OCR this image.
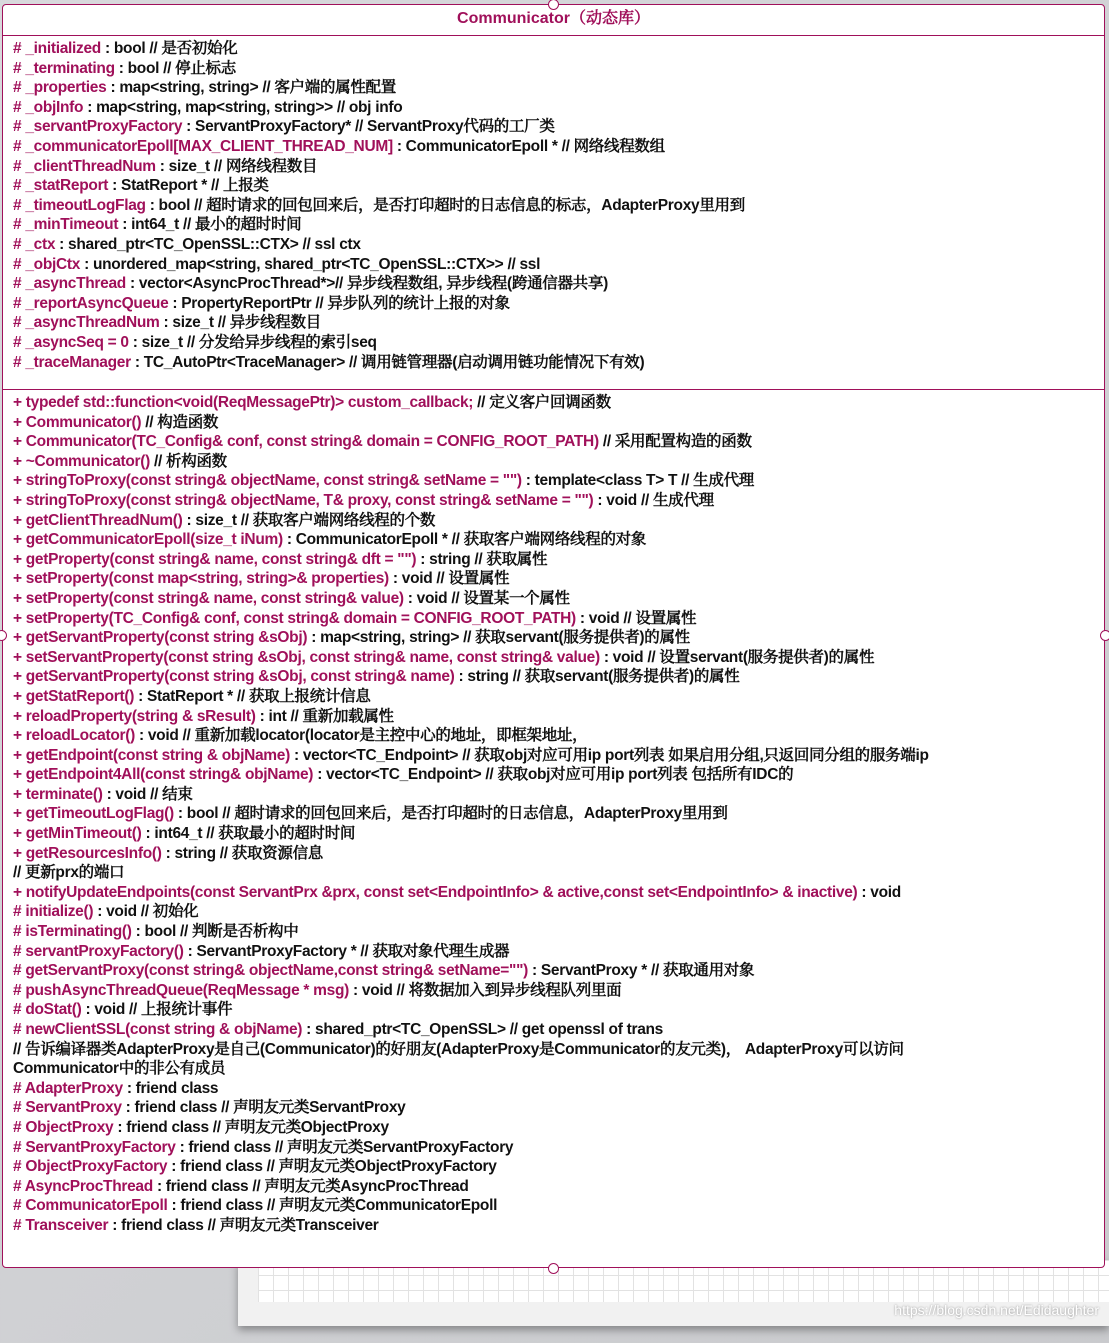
https://blog.csdn.net/Edidaughter
Communicator（动态库）
# _initialized : bool // 是否初始化
# _terminating : bool // 停止标志
# _properties : map<string, string> // 客户端的属性配置
# _objInfo : map<string, map<string, string>> // obj info
# _servantProxyFactory : ServantProxyFactory* // ServantProxy代码的工厂类
# _communicatorEpoll[MAX_CLIENT_THREAD_NUM] : CommunicatorEpoll * // 网络线程数组
# _clientThreadNum : size_t // 网络线程数目
# _statReport : StatReport * // 上报类
# _timeoutLogFlag : bool // 超时请求的回包回来后，是否打印超时的日志信息的标志，AdapterProxy里用到
# _minTimeout : int64_t // 最小的超时时间
# _ctx : shared_ptr<TC_OpenSSL::CTX> // ssl ctx
# _objCtx : unordered_map<string, shared_ptr<TC_OpenSSL::CTX>> // ssl
# _asyncThread : vector<AsyncProcThread*>// 异步线程数组, 异步线程(跨通信器共享)
# _reportAsyncQueue : PropertyReportPtr // 异步队列的统计上报的对象
# _asyncThreadNum : size_t // 异步线程数目
# _asyncSeq = 0 : size_t // 分发给异步线程的索引seq
# _traceManager : TC_AutoPtr<TraceManager> // 调用链管理器(启动调用链功能情况下有效)
+ typedef std::function<void(ReqMessagePtr)> custom_callback; // 定义客户回调函数
+ Communicator() // 构造函数
+ Communicator(TC_Config& conf, const string& domain = CONFIG_ROOT_PATH) // 采用配置构造的函数
+ ~Communicator() // 析构函数
+ stringToProxy(const string& objectName, const string& setName = "") : template<class T> T // 生成代理
+ stringToProxy(const string& objectName, T& proxy, const string& setName = "") : void // 生成代理
+ getClientThreadNum() : size_t // 获取客户端网络线程的个数
+ getCommunicatorEpoll(size_t iNum) : CommunicatorEpoll * // 获取客户端网络线程的对象
+ getProperty(const string& name, const string& dft = "") : string // 获取属性
+ setProperty(const map<string, string>& properties) : void // 设置属性
+ setProperty(const string& name, const string& value) : void // 设置某一个属性
+ setProperty(TC_Config& conf, const string& domain = CONFIG_ROOT_PATH) : void // 设置属性
+ getServantProperty(const string &sObj) : map<string, string> // 获取servant(服务提供者)的属性
+ setServantProperty(const string &sObj, const string& name, const string& value) : void // 设置servant(服务提供者)的属性
+ getServantProperty(const string &sObj, const string& name) : string // 获取servant(服务提供者)的属性
+ getStatReport() : StatReport * // 获取上报统计信息
+ reloadProperty(string & sResult) : int // 重新加载属性
+ reloadLocator() : void // 重新加载locator(locator是主控中心的地址，即框架地址，
+ getEndpoint(const string & objName) : vector<TC_Endpoint> // 获取obj对应可用ip port列表 如果启用分组,只返回同分组的服务端ip
+ getEndpoint4All(const string& objName) : vector<TC_Endpoint> // 获取obj对应可用ip port列表 包括所有IDC的
+ terminate() : void // 结束
+ getTimeoutLogFlag() : bool // 超时请求的回包回来后，是否打印超时的日志信息，AdapterProxy里用到
+ getMinTimeout() : int64_t // 获取最小的超时时间
+ getResourcesInfo() : string // 获取资源信息
// 更新prx的端口
+ notifyUpdateEndpoints(const ServantPrx &prx, const set<EndpointInfo> & active,const set<EndpointInfo> & inactive) : void
# initialize() : void // 初始化
# isTerminating() : bool // 判断是否析构中
# servantProxyFactory() : ServantProxyFactory * // 获取对象代理生成器
# getServantProxy(const string& objectName,const string& setName="") : ServantProxy * // 获取通用对象
# pushAsyncThreadQueue(ReqMessage * msg) : void // 将数据加入到异步线程队列里面
# doStat() : void // 上报统计事件
# newClientSSL(const string & objName) : shared_ptr<TC_OpenSSL> // get openssl of trans
// 告诉编译器类AdapterProxy是自己(Communicator)的好朋友(AdapterProxy是Communicator的友元类)， AdapterProxy可以访问
Communicator中的非公有成员
# AdapterProxy : friend class
# ServantProxy : friend class // 声明友元类ServantProxy
# ObjectProxy : friend class // 声明友元类ObjectProxy
# ServantProxyFactory : friend class // 声明友元类ServantProxyFactory
# ObjectProxyFactory : friend class // 声明友元类ObjectProxyFactory
# AsyncProcThread : friend class // 声明友元类AsyncProcThread
# CommunicatorEpoll : friend class // 声明友元类CommunicatorEpoll
# Transceiver : friend class // 声明友元类Transceiver
